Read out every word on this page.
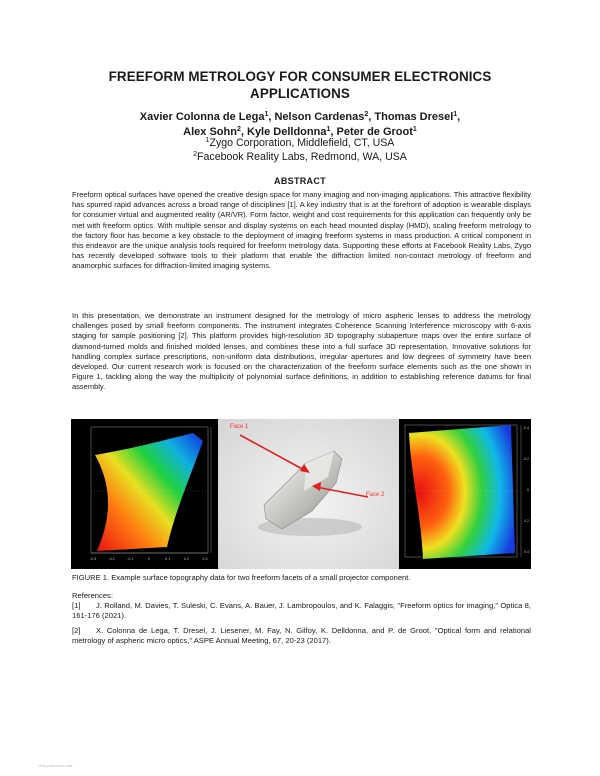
FREEFORM METROLOGY FOR CONSUMER ELECTRONICS APPLICATIONS
Xavier Colonna de Lega$^1$, Nelson Cardenas$^2$, Thomas Dresel$^1$,
Alex Sohn$^2$, Kyle Delldonna$^1$, Peter de Groot$^1$
$^1$Zygo Corporation, Middlefield, CT, USA
$^2$Facebook Reality Labs, Redmond, WA, USA
ABSTRACT

Freeform optical surfaces have opened the creative design space for many imaging and non-imaging applications. This attractive flexibility has spurred rapid advances across a broad range of disciplines [1]. A key industry that is at the forefront of adoption is wearable displays for consumer virtual and augmented reality (AR/VR). Form factor, weight and cost requirements for this application can frequently only be met with freeform optics. With multiple sensor and display systems on each head mounted display (HMD), scaling freeform metrology to the factory floor has become a key obstacle to the deployment of imaging freeform systems in mass production. A critical component in this endeavor are the unique analysis tools required for freeform metrology data. Supporting these efforts at Facebook Reality Labs, Zygo has recently developed software tools to their platform that enable the diffraction limited non-contact metrology of freeform and anamorphic surfaces for diffraction-limited imaging systems.

In this presentation, we demonstrate an instrument designed for the metrology of micro aspheric lenses to address the metrology challenges posed by small freeform components. The instrument integrates Coherence Scanning Interference microscopy with 6-axis staging for sample positioning [2]. This platform provides high-resolution 3D topography subaperture maps over the entire surface of diamond-turned molds and finished molded lenses, and combines these into a full surface 3D representation. Innovative solutions for handling complex surface prescriptions, non-uniform data distributions, irregular apertures and low degrees of symmetry have been developed. Our current research work is focused on the characterization of the freeform surface elements such as the one shown in Figure 1, tackling along the way the multiplicity of polynomial surface definitions, in addition to establishing reference datums for final assembly.

-0.3	-0.2	-0.1	0	0.1	0.2	0.3
Face 1
Face 2
-0.4
-0.2
0
0.2
0.4
FIGURE 1. Example surface topography data for two freeform facets of a small projector component.
References:
[1]	J. Rolland, M. Davies, T. Suleski, C. Evans, A. Bauer, J. Lambropoulos, and K. Falaggis, "Freeform optics for imaging," Optica 8, 161-176 (2021).
[2]	X. Colonna de Lega, T. Dresel, J. Liesener, M. Fay, N. Gilfoy, K. Delldonna, and P. de Groot, "Optical form and relational metrology of aspheric micro optics," ASPE Annual Meeting, 67, 20-23 (2017).
View publication stats
